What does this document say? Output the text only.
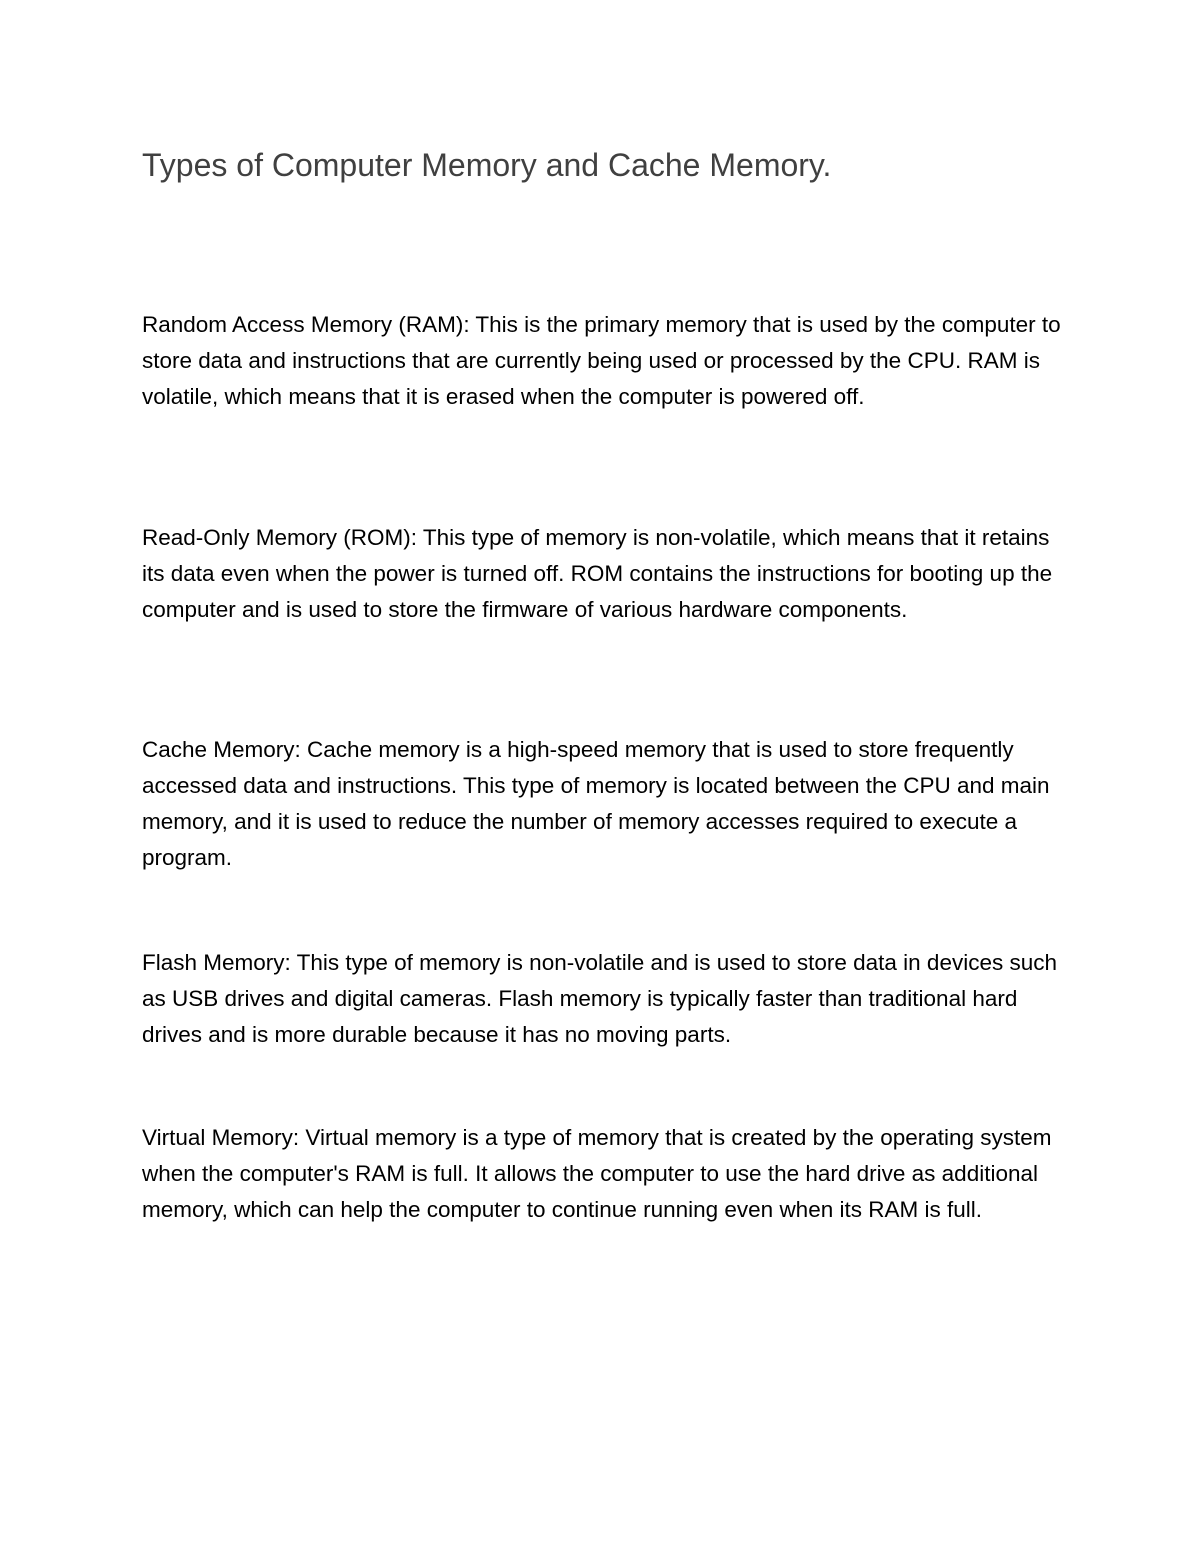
Types of Computer Memory and Cache Memory.

Random Access Memory (RAM): This is the primary memory that is used by the computer to store data and instructions that are currently being used or processed by the CPU. RAM is volatile, which means that it is erased when the computer is powered off.

Read-Only Memory (ROM): This type of memory is non-volatile, which means that it retains its data even when the power is turned off. ROM contains the instructions for booting up the computer and is used to store the firmware of various hardware components.

Cache Memory: Cache memory is a high-speed memory that is used to store frequently accessed data and instructions. This type of memory is located between the CPU and main memory, and it is used to reduce the number of memory accesses required to execute a program.

Flash Memory: This type of memory is non-volatile and is used to store data in devices such as USB drives and digital cameras. Flash memory is typically faster than traditional hard drives and is more durable because it has no moving parts.

Virtual Memory: Virtual memory is a type of memory that is created by the operating system when the computer's RAM is full. It allows the computer to use the hard drive as additional memory, which can help the computer to continue running even when its RAM is full.
